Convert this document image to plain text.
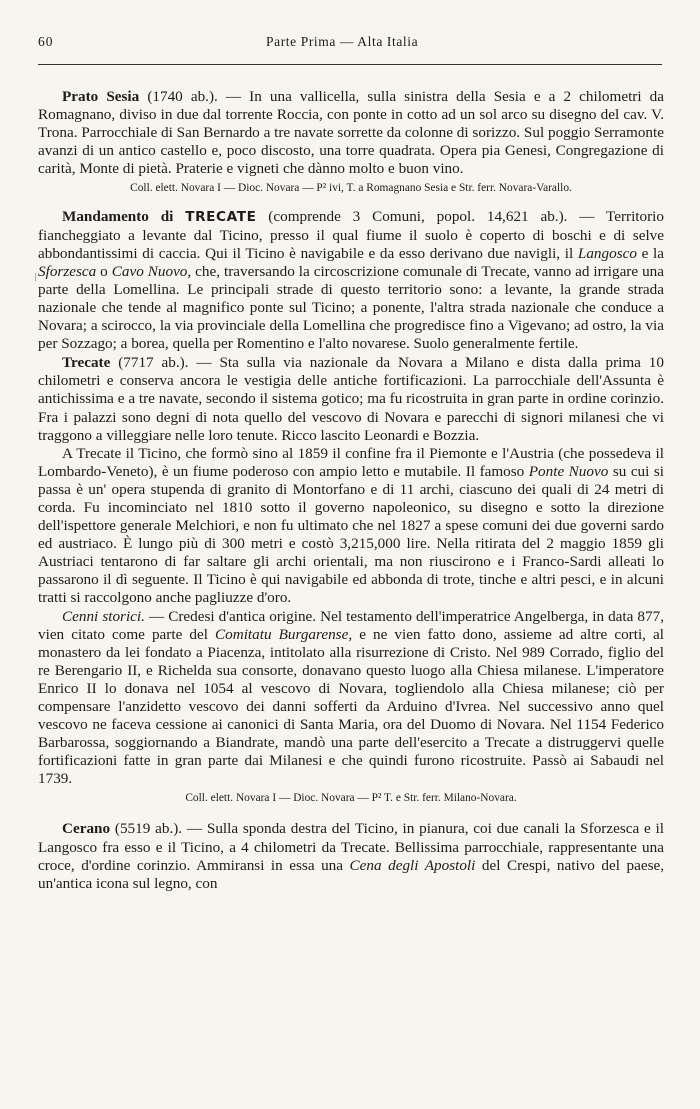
60	Parte Prima — Alta Italia
/

Prato Sesia (1740 ab.). — In una vallicella, sulla sinistra della Sesia e a 2 chilometri da Romagnano, diviso in due dal torrente Roccia, con ponte in cotto ad un sol arco su disegno del cav. V. Trona. Parrocchiale di San Bernardo a tre navate sorrette da colonne di sorizzo. Sul poggio Serramonte avanzi di un antico castello e, poco discosto, una torre quadrata. Opera pia Genesi, Congregazione di carità, Monte di pietà. Praterie e vigneti che dànno molto e buon vino.

Coll. elett. Novara I — Dioc. Novara — P² ivi, T. a Romagnano Sesia e Str. ferr. Novara-Varallo.

Mandamento di TRECATE (comprende 3 Comuni, popol. 14,621 ab.). — Territorio fiancheggiato a levante dal Ticino, presso il qual fiume il suolo è coperto di boschi e di selve abbondantissimi di caccia. Qui il Ticino è navigabile e da esso derivano due navigli, il Langosco e la Sforzesca o Cavo Nuovo, che, traversando la circoscrizione comunale di Trecate, vanno ad irrigare una parte della Lomellina. Le principali strade di questo territorio sono: a levante, la grande strada nazionale che tende al magnifico ponte sul Ticino; a ponente, l'altra strada nazionale che conduce a Novara; a scirocco, la via provinciale della Lomellina che progredisce fino a Vigevano; ad ostro, la via per Sozzago; a borea, quella per Romentino e l'alto novarese. Suolo generalmente fertile.

Trecate (7717 ab.). — Sta sulla via nazionale da Novara a Milano e dista dalla prima 10 chilometri e conserva ancora le vestigia delle antiche fortificazioni. La parrocchiale dell'Assunta è antichissima e a tre navate, secondo il sistema gotico; ma fu ricostruita in gran parte in ordine corinzio. Fra i palazzi sono degni di nota quello del vescovo di Novara e parecchi di signori milanesi che vi traggono a villeggiare nelle loro tenute. Ricco lascito Leonardi e Bozzia.

A Trecate il Ticino, che formò sino al 1859 il confine fra il Piemonte e l'Austria (che possedeva il Lombardo-Veneto), è un fiume poderoso con ampio letto e mutabile. Il famoso Ponte Nuovo su cui si passa è un' opera stupenda di granito di Montorfano e di 11 archi, ciascuno dei quali di 24 metri di corda. Fu incominciato nel 1810 sotto il governo napoleonico, su disegno e sotto la direzione dell'ispettore generale Melchiori, e non fu ultimato che nel 1827 a spese comuni dei due governi sardo ed austriaco. È lungo più di 300 metri e costò 3,215,000 lire. Nella ritirata del 2 maggio 1859 gli Austriaci tentarono di far saltare gli archi orientali, ma non riuscirono e i Franco-Sardi alleati lo passarono il dì seguente. Il Ticino è qui navigabile ed abbonda di trote, tinche e altri pesci, e in alcuni tratti si raccolgono anche pagliuzze d'oro.

Cenni storici. — Credesi d'antica origine. Nel testamento dell'imperatrice Angelberga, in data 877, vien citato come parte del Comitatu Burgarense, e ne vien fatto dono, assieme ad altre corti, al monastero da lei fondato a Piacenza, intitolato alla risurrezione di Cristo. Nel 989 Corrado, figlio del re Berengario II, e Richelda sua consorte, donavano questo luogo alla Chiesa milanese. L'imperatore Enrico II lo donava nel 1054 al vescovo di Novara, togliendolo alla Chiesa milanese; ciò per compensare l'anzidetto vescovo dei danni sofferti da Arduino d'Ivrea. Nel successivo anno quel vescovo ne faceva cessione ai canonici di Santa Maria, ora del Duomo di Novara. Nel 1154 Federico Barbarossa, soggiornando a Biandrate, mandò una parte dell'esercito a Trecate a distruggervi quelle fortificazioni fatte in gran parte dai Milanesi e che quindi furono ricostruite. Passò ai Sabaudi nel 1739.

Coll. elett. Novara I — Dioc. Novara — P² T. e Str. ferr. Milano-Novara.

Cerano (5519 ab.). — Sulla sponda destra del Ticino, in pianura, coi due canali la Sforzesca e il Langosco fra esso e il Ticino, a 4 chilometri da Trecate. Bellissima parrocchiale, rappresentante una croce, d'ordine corinzio. Ammiransi in essa una Cena degli Apostoli del Crespi, nativo del paese, un'antica icona sul legno, con
